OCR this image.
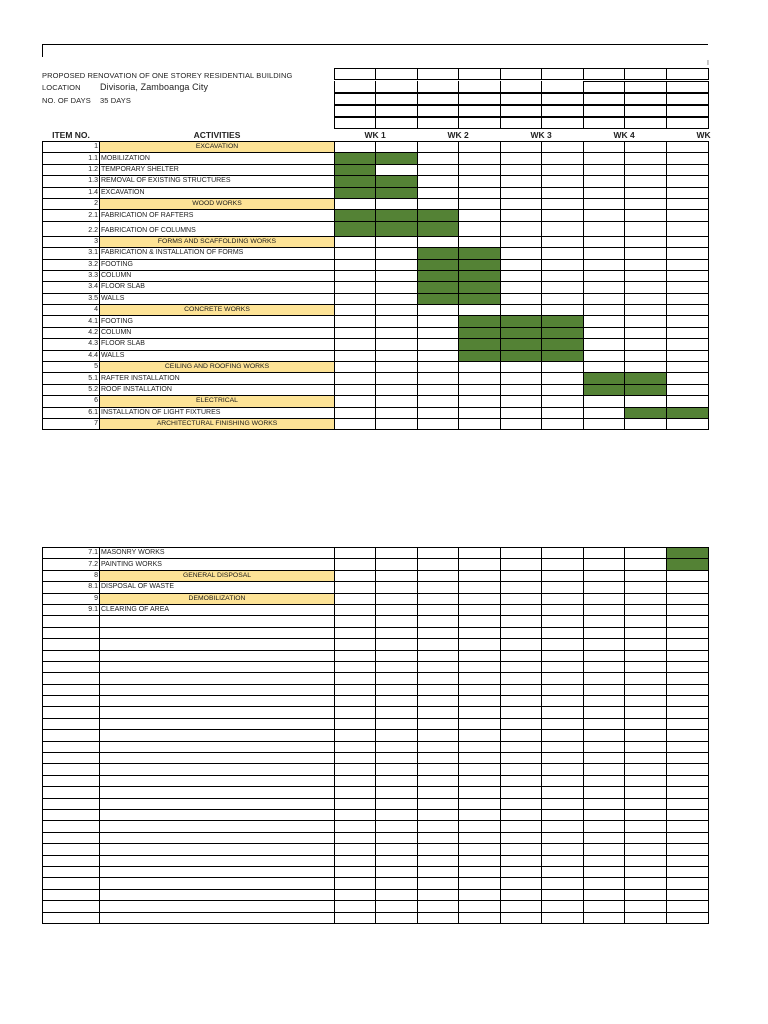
I
PROPOSED RENOVATION OF ONE STOREY RESIDENTIAL BUILDING
LOCATION Divisoria, Zamboanga City
NO. OF DAYS 35 DAYS
ITEM NO.	ACTIVITIES	WK 1		WK 2		WK 3		WK 4		WK
1	EXCAVATION									
1.1	MOBILIZATION									
1.2	TEMPORARY SHELTER									
1.3	REMOVAL OF EXISTING STRUCTURES									
1.4	EXCAVATION									
2	WOOD WORKS									
2.1	FABRICATION OF RAFTERS									
2.2	FABRICATION OF COLUMNS									
3	FORMS AND SCAFFOLDING WORKS									
3.1	FABRICATION & INSTALLATION OF FORMS									
3.2	FOOTING									
3.3	COLUMN									
3.4	FLOOR SLAB									
3.5	WALLS									
4	CONCRETE WORKS									
4.1	FOOTING									
4.2	COLUMN									
4.3	FLOOR SLAB									
4.4	WALLS									
5	CEILING AND ROOFING WORKS									
5.1	RAFTER INSTALLATION									
5.2	ROOF INSTALLATION									
6	ELECTRICAL									
6.1	INSTALLATION OF LIGHT FIXTURES									
7	ARCHITECTURAL FINISHING WORKS									
7.1	MASONRY WORKS									
7.2	PAINTING WORKS									
8	GENERAL DISPOSAL									
8.1	DISPOSAL OF WASTE									
9	DEMOBILIZATION									
9.1	CLEARING OF AREA									
